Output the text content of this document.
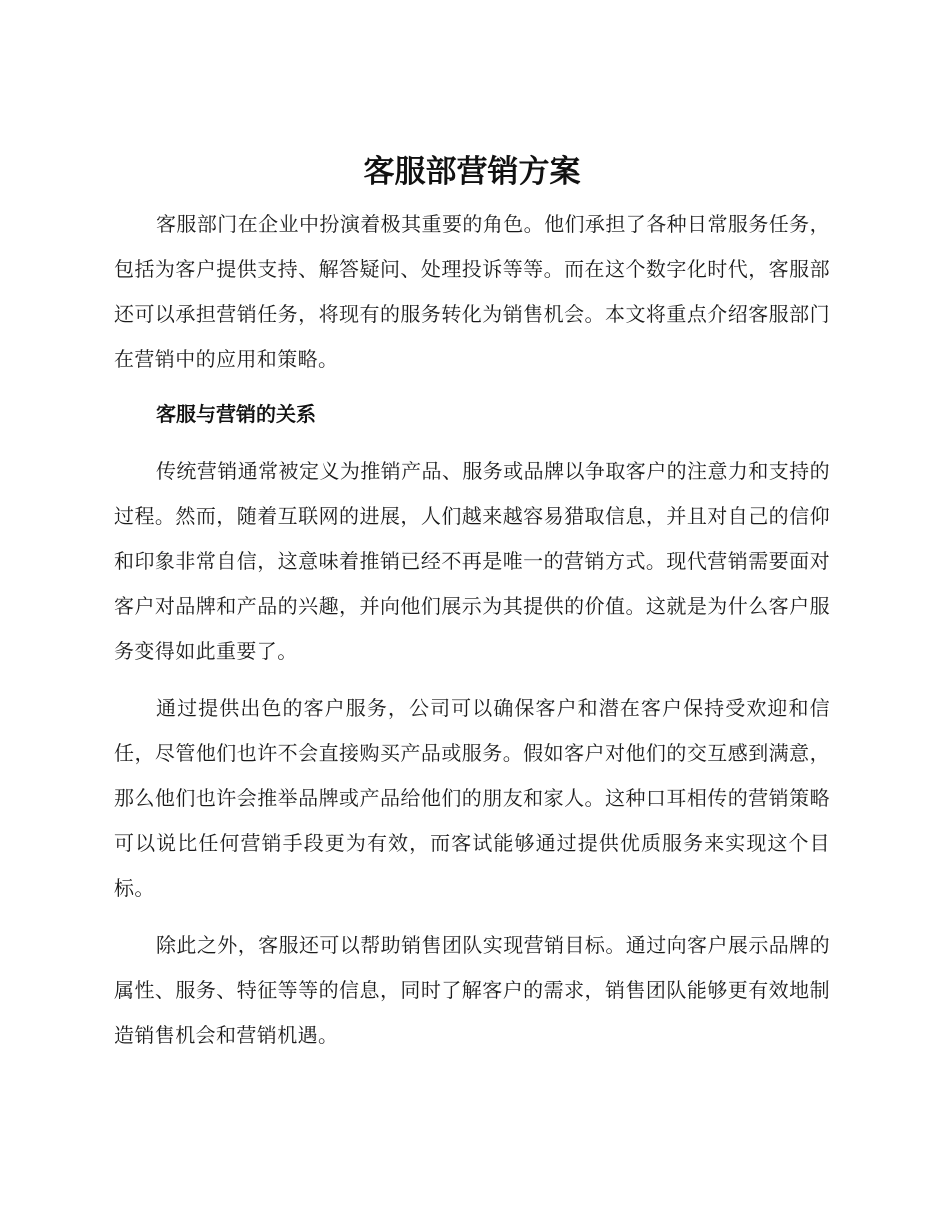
客服部营销方案

客服部门在企业中扮演着极其重要的角色。他们承担了各种日常服务任务，包括为客户提供支持、解答疑问、处理投诉等等。而在这个数字化时代，客服部还可以承担营销任务，将现有的服务转化为销售机会。本文将重点介绍客服部门在营销中的应用和策略。

客服与营销的关系

传统营销通常被定义为推销产品、服务或品牌以争取客户的注意力和支持的过程。然而，随着互联网的进展，人们越来越容易猎取信息，并且对自己的信仰和印象非常自信，这意味着推销已经不再是唯一的营销方式。现代营销需要面对客户对品牌和产品的兴趣，并向他们展示为其提供的价值。这就是为什么客户服务变得如此重要了。

通过提供出色的客户服务，公司可以确保客户和潜在客户保持受欢迎和信任，尽管他们也许不会直接购买产品或服务。假如客户对他们的交互感到满意，那么他们也许会推举品牌或产品给他们的朋友和家人。这种口耳相传的营销策略可以说比任何营销手段更为有效，而客试能够通过提供优质服务来实现这个目标。

除此之外，客服还可以帮助销售团队实现营销目标。通过向客户展示品牌的属性、服务、特征等等的信息，同时了解客户的需求，销售团队能够更有效地制造销售机会和营销机遇。
